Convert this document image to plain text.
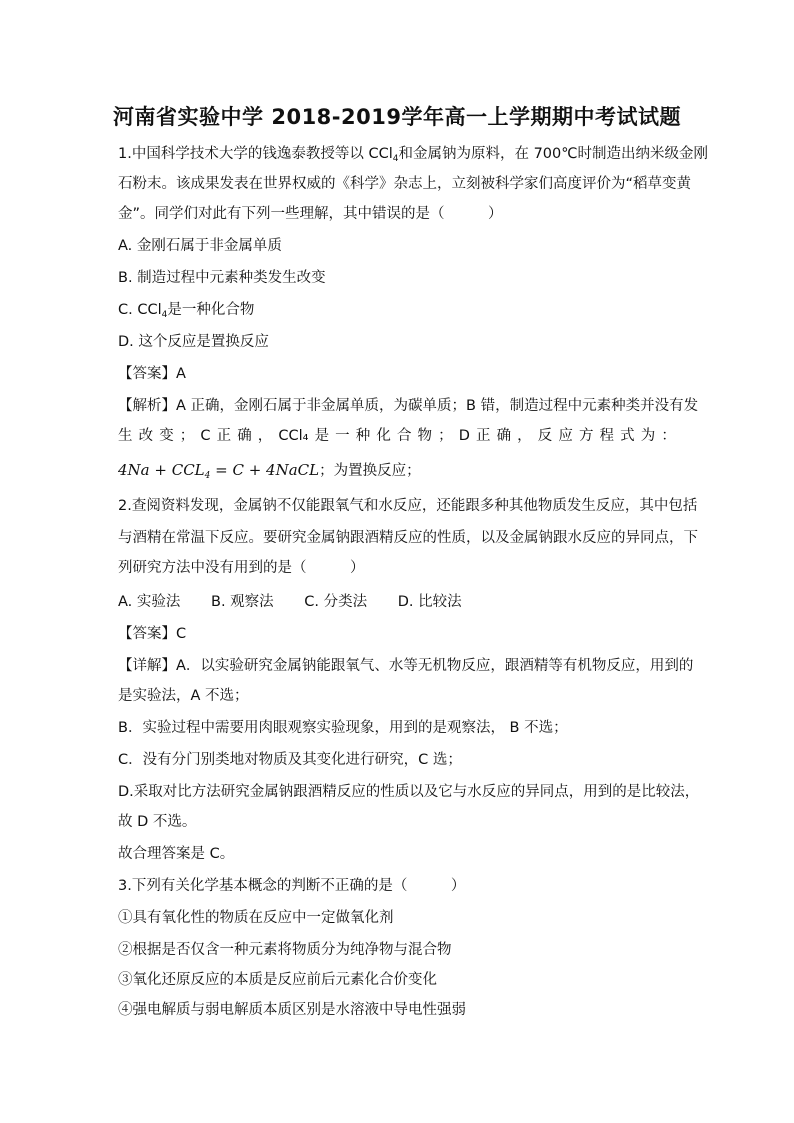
河南省实验中学 2018-2019学年高一上学期期中考试试题
1.中国科学技术大学的钱逸泰教授等以 CCl$_4$和金属钠为原料，在 700℃时制造出纳米级金刚
石粉末。该成果发表在世界权威的《科学》杂志上，立刻被科学家们高度评价为“稻草变黄
金”。同学们对此有下列一些理解，其中错误的是（　　　）
A. 金刚石属于非金属单质
B. 制造过程中元素种类发生改变
C. CCl$_4$是一种化合物
D. 这个反应是置换反应
【答案】A
【解析】A 正确，金刚石属于非金属单质，为碳单质；B 错，制造过程中元素种类并没有发
生 改 变 ； C 正 确 ， CCl₄ 是 一 种 化 合 物 ； D 正 确 ， 反 应 方 程 式 为 ：
$4Na + CCL_4 = C$ + 4NaCL；为置换反应；
2.查阅资料发现，金属钠不仅能跟氧气和水反应，还能跟多种其他物质发生反应，其中包括
与酒精在常温下反应。要研究金属钠跟酒精反应的性质，以及金属钠跟水反应的异同点，下
列研究方法中没有用到的是（　　　）
A. 实验法 B. 观察法 C. 分类法 D. 比较法
【答案】C
【详解】A．以实验研究金属钠能跟氧气、水等无机物反应，跟酒精等有机物反应，用到的
是实验法，A 不选；
B．实验过程中需要用肉眼观察实验现象，用到的是观察法， B 不选；
C．没有分门别类地对物质及其变化进行研究，C 选；
D.采取对比方法研究金属钠跟酒精反应的性质以及它与水反应的异同点，用到的是比较法，
故 D 不选。
故合理答案是 C。
3.下列有关化学基本概念的判断不正确的是（　　　）
①具有氧化性的物质在反应中一定做氧化剂
②根据是否仅含一种元素将物质分为纯净物与混合物
③氧化还原反应的本质是反应前后元素化合价变化
④强电解质与弱电解质本质区别是水溶液中导电性强弱
